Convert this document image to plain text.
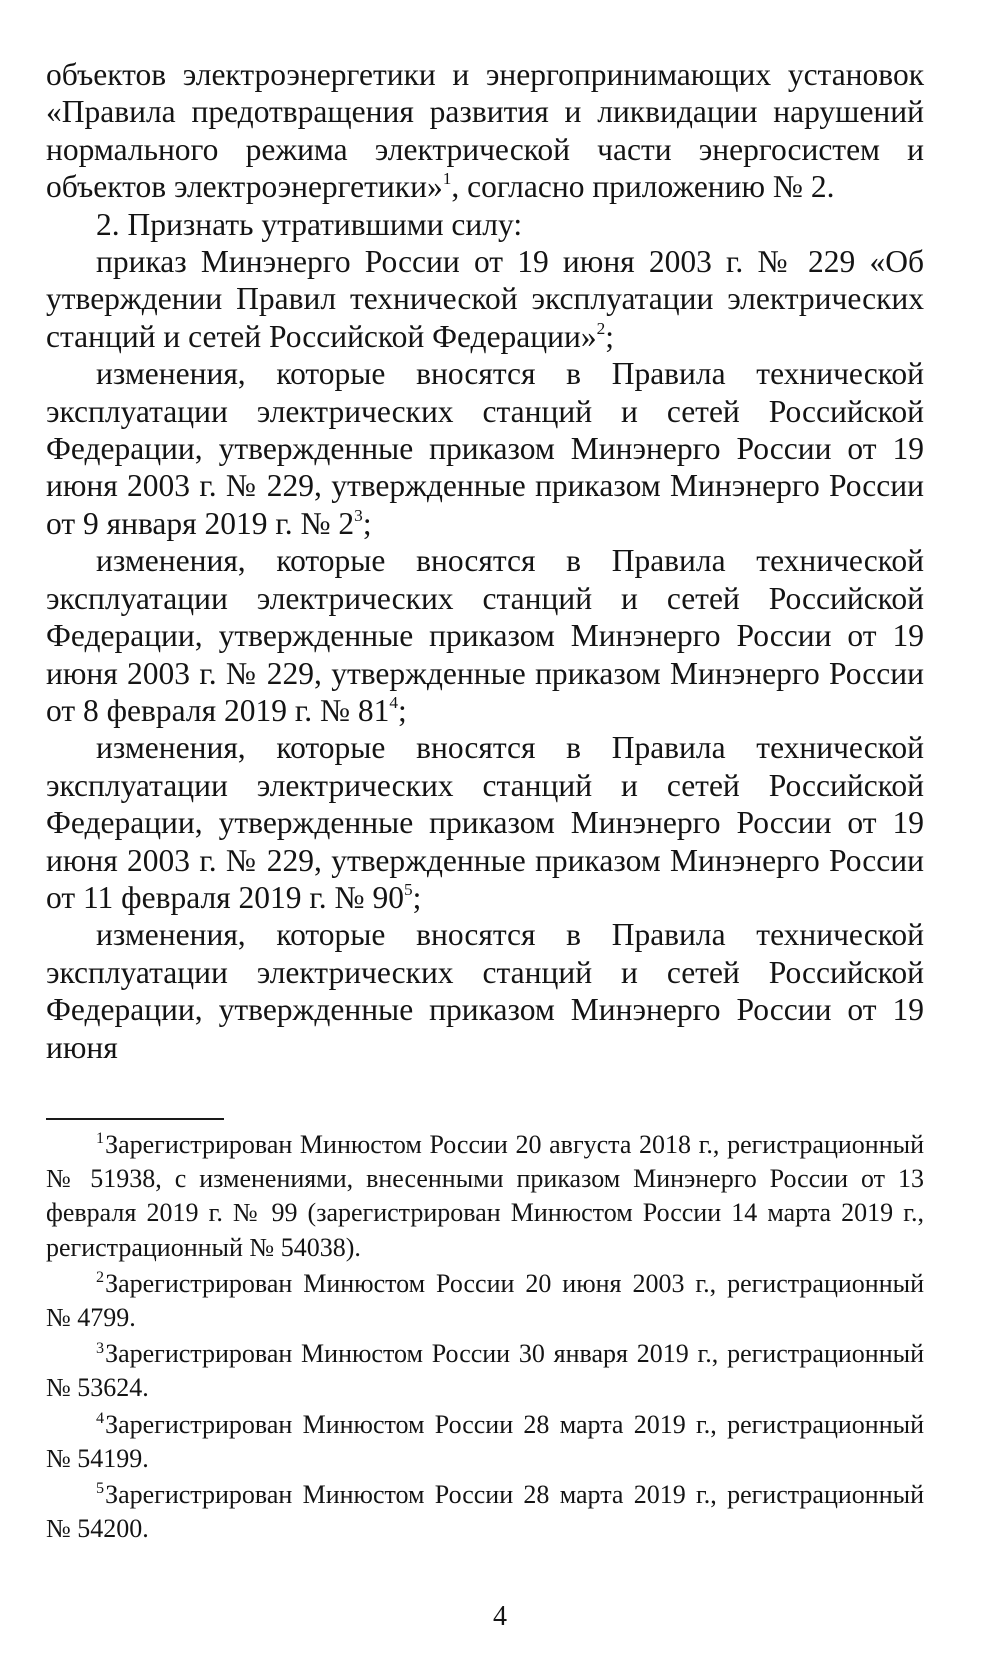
объектов электроэнергетики и энергопринимающих установок «Правила предотвращения развития и ликвидации нарушений нормального режима электрической части энергосистем и объектов электроэнергетики»$^1$, согласно приложению № 2.

2. Признать утратившими силу:

приказ Минэнерго России от 19 июня 2003 г. № 229 «Об утверждении Правил технической эксплуатации электрических станций и сетей Российской Федерации»$^2$;

изменения, которые вносятся в Правила технической эксплуатации электрических станций и сетей Российской Федерации, утвержденные приказом Минэнерго России от 19 июня 2003 г. № 229, утвержденные приказом Минэнерго России от 9 января 2019 г. № $2^3$;

изменения, которые вносятся в Правила технической эксплуатации электрических станций и сетей Российской Федерации, утвержденные приказом Минэнерго России от 19 июня 2003 г. № 229, утвержденные приказом Минэнерго России от 8 февраля 2019 г. № $81^4$;

изменения, которые вносятся в Правила технической эксплуатации электрических станций и сетей Российской Федерации, утвержденные приказом Минэнерго России от 19 июня 2003 г. № 229, утвержденные приказом Минэнерго России от 11 февраля 2019 г. № $90^5$;

изменения, которые вносятся в Правила технической эксплуатации электрических станций и сетей Российской Федерации, утвержденные приказом Минэнерго России от 19 июня

$^1$Зарегистрирован Минюстом России 20 августа 2018 г., регистрационный № 51938, с изменениями, внесенными приказом Минэнерго России от 13 февраля 2019 г. № 99 (зарегистрирован Минюстом России 14 марта 2019 г., регистрационный № 54038).

$^2$Зарегистрирован Минюстом России 20 июня 2003 г., регистрационный № 4799.

$^3$Зарегистрирован Минюстом России 30 января 2019 г., регистрационный № 53624.

$^4$Зарегистрирован Минюстом России 28 марта 2019 г., регистрационный № 54199.

$^5$Зарегистрирован Минюстом России 28 марта 2019 г., регистрационный № 54200.

4
